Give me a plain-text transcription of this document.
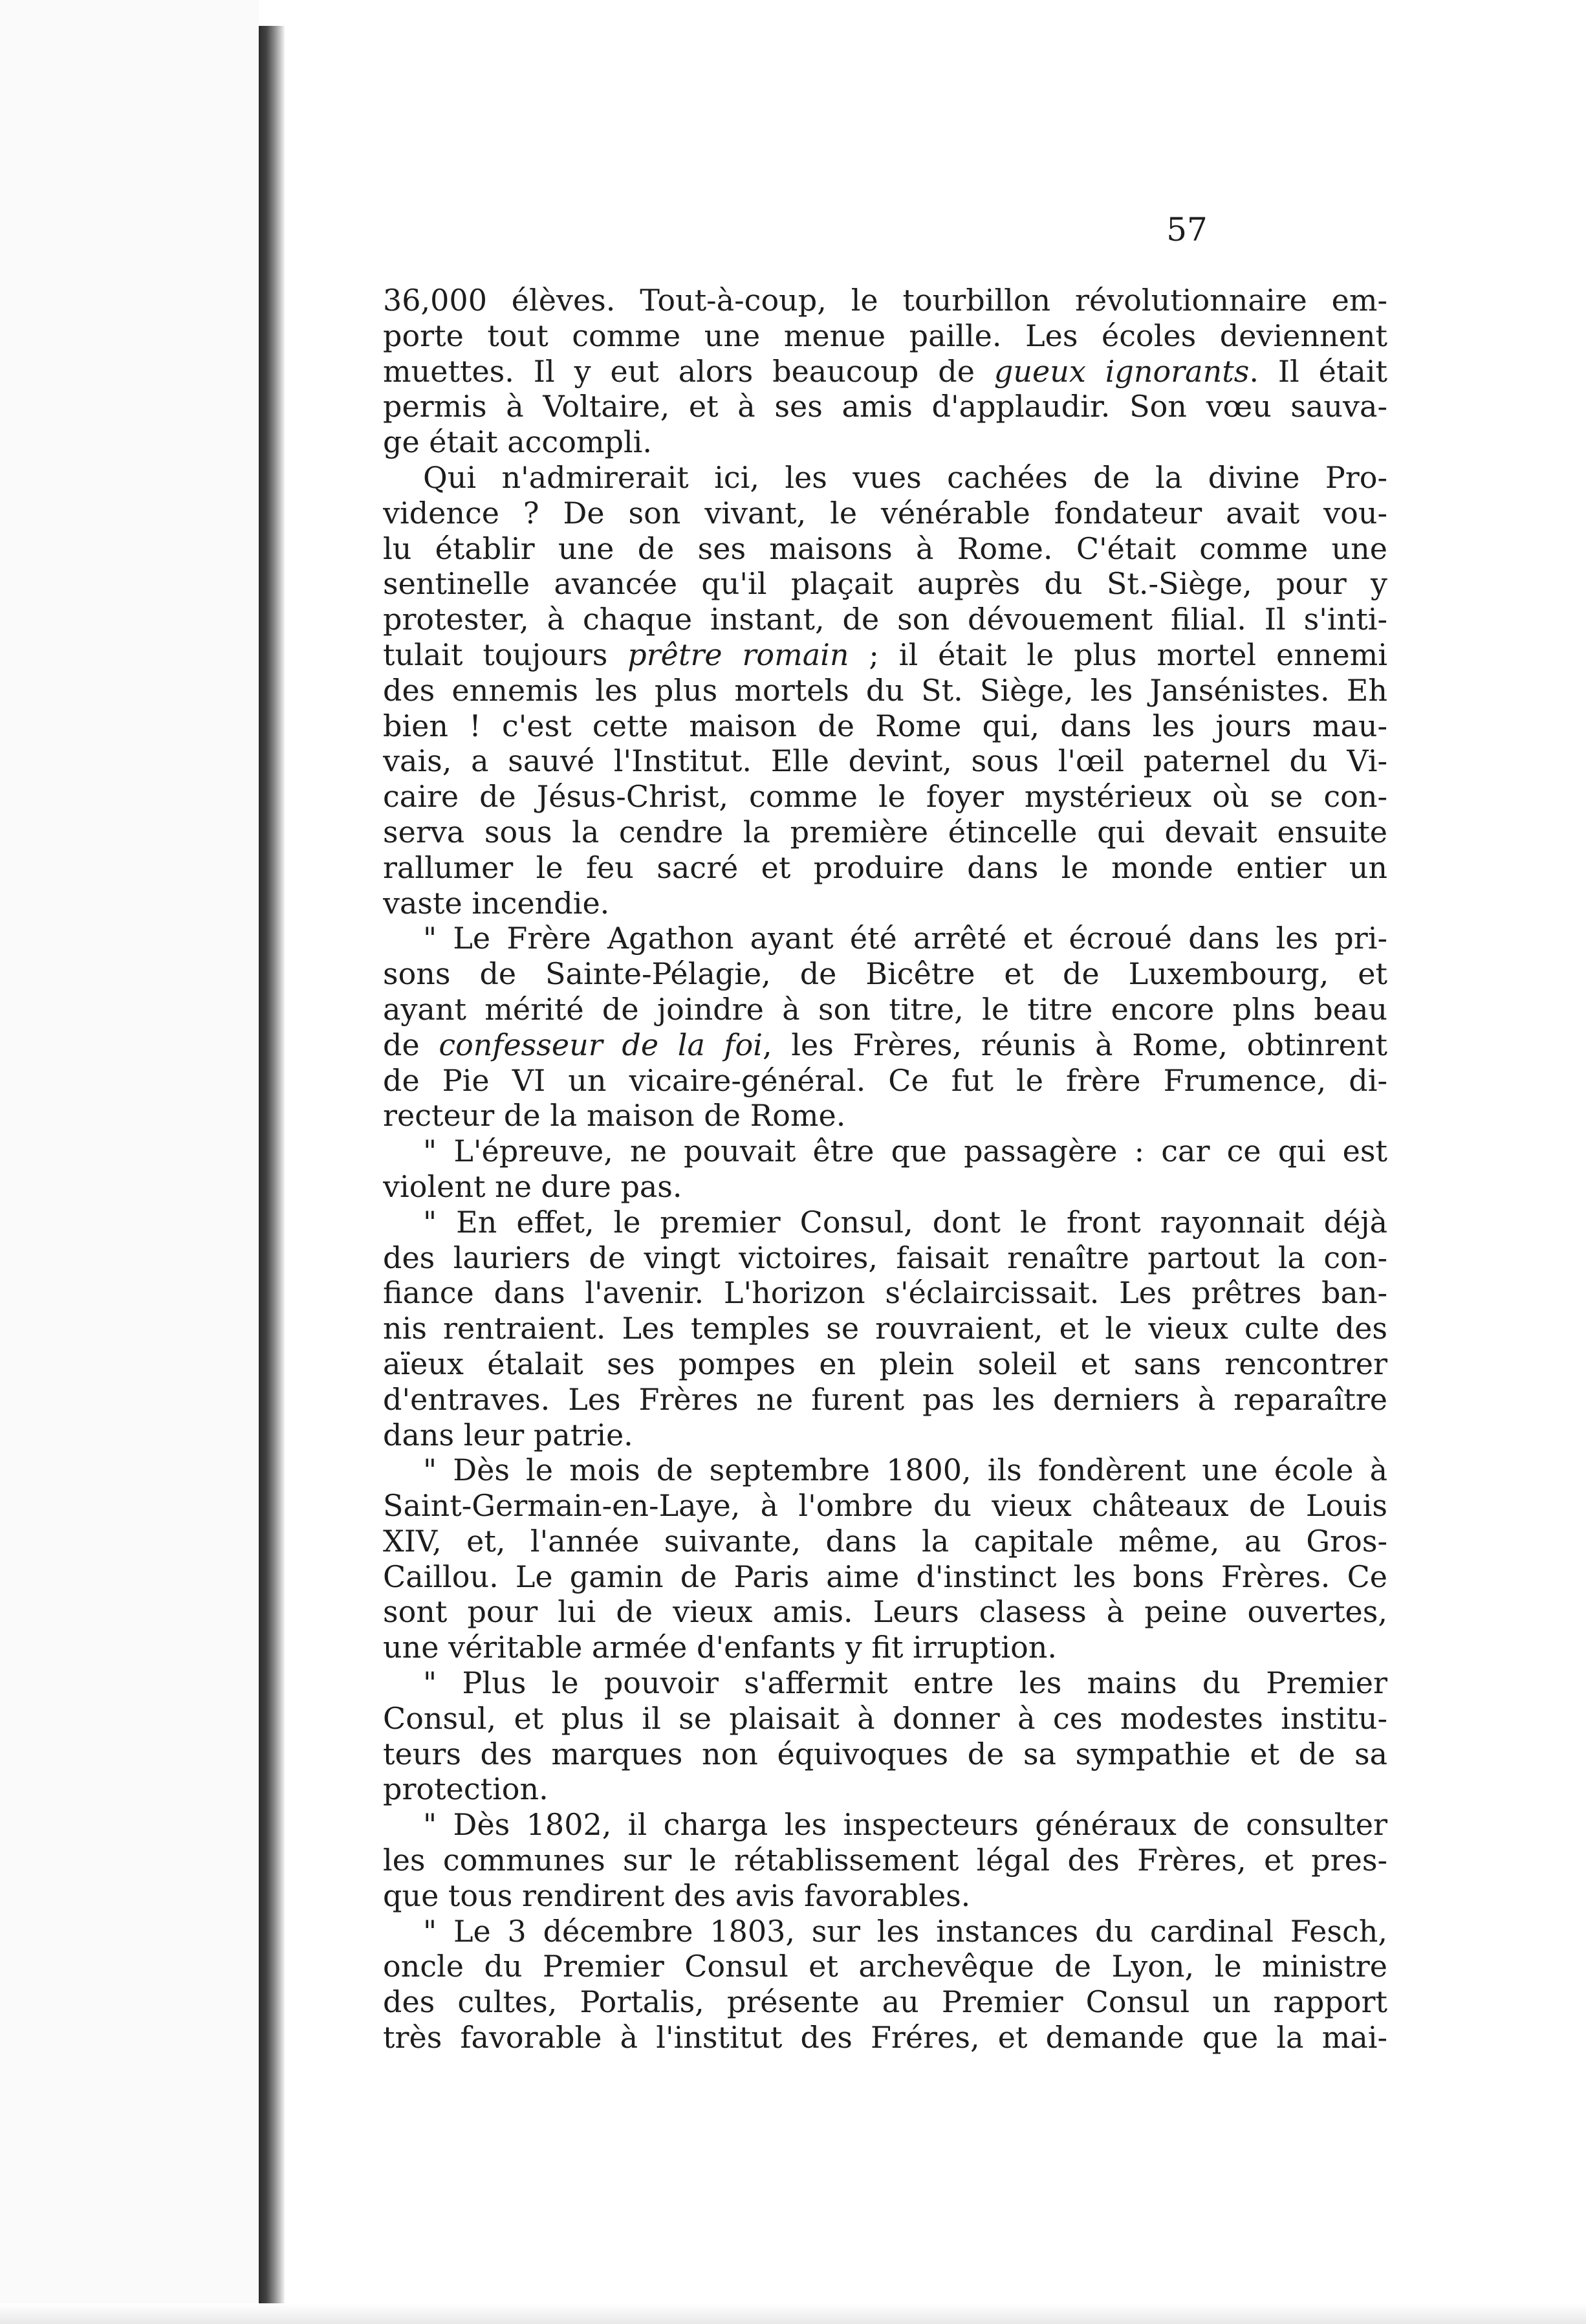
57
36,000 élèves. Tout-à-coup, le tourbillon révolutionnaire em-
porte tout comme une menue paille. Les écoles deviennent
muettes. Il y eut alors beaucoup de gueux ignorants. Il était
permis à Voltaire, et à ses amis d'applaudir. Son vœu sauva-
ge était accompli.
Qui n'admirerait ici, les vues cachées de la divine Pro-
vidence ? De son vivant, le vénérable fondateur avait vou-
lu établir une de ses maisons à Rome. C'était comme une
sentinelle avancée qu'il plaçait auprès du St.-Siège, pour y
protester, à chaque instant, de son dévouement filial. Il s'inti-
tulait toujours prêtre romain ; il était le plus mortel ennemi
des ennemis les plus mortels du St. Siège, les Jansénistes. Eh
bien ! c'est cette maison de Rome qui, dans les jours mau-
vais, a sauvé l'Institut. Elle devint, sous l'œil paternel du Vi-
caire de Jésus-Christ, comme le foyer mystérieux où se con-
serva sous la cendre la première étincelle qui devait ensuite
rallumer le feu sacré et produire dans le monde entier un
vaste incendie.
" Le Frère Agathon ayant été arrêté et écroué dans les pri-
sons de Sainte-Pélagie, de Bicêtre et de Luxembourg, et
ayant mérité de joindre à son titre, le titre encore plns beau
de confesseur de la foi, les Frères, réunis à Rome, obtinrent
de Pie VI un vicaire-général. Ce fut le frère Frumence, di-
recteur de la maison de Rome.
" L'épreuve, ne pouvait être que passagère : car ce qui est
violent ne dure pas.
" En effet, le premier Consul, dont le front rayonnait déjà
des lauriers de vingt victoires, faisait renaître partout la con-
fiance dans l'avenir. L'horizon s'éclaircissait. Les prêtres ban-
nis rentraient. Les temples se rouvraient, et le vieux culte des
aïeux étalait ses pompes en plein soleil et sans rencontrer
d'entraves. Les Frères ne furent pas les derniers à reparaître
dans leur patrie.
" Dès le mois de septembre 1800, ils fondèrent une école à
Saint-Germain-en-Laye, à l'ombre du vieux châteaux de Louis
XIV, et, l'année suivante, dans la capitale même, au Gros-
Caillou. Le gamin de Paris aime d'instinct les bons Frères. Ce
sont pour lui de vieux amis. Leurs clasess à peine ouvertes,
une véritable armée d'enfants y fit irruption.
" Plus le pouvoir s'affermit entre les mains du Premier
Consul, et plus il se plaisait à donner à ces modestes institu-
teurs des marques non équivoques de sa sympathie et de sa
protection.
" Dès 1802, il charga les inspecteurs généraux de consulter
les communes sur le rétablissement légal des Frères, et pres-
que tous rendirent des avis favorables.
" Le 3 décembre 1803, sur les instances du cardinal Fesch,
oncle du Premier Consul et archevêque de Lyon, le ministre
des cultes, Portalis, présente au Premier Consul un rapport
très favorable à l'institut des Fréres, et demande que la mai-
